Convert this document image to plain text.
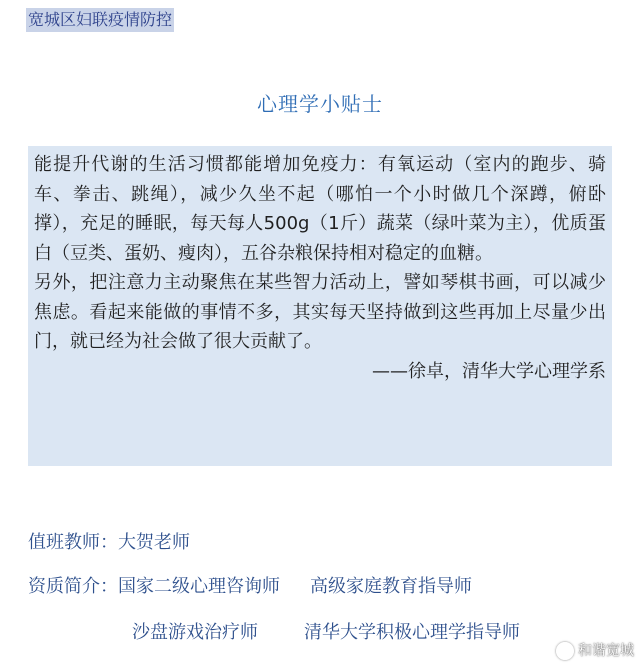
宽城区妇联疫情防控
心理学小贴士

能提升代谢的生活习惯都能增加免疫力：有氧运动（室内的跑步、骑车、拳击、跳绳），减少久坐不起（哪怕一个小时做几个深蹲，俯卧撑），充足的睡眠，每天每人500g（1斤）蔬菜（绿叶菜为主），优质蛋白（豆类、蛋奶、瘦肉），五谷杂粮保持相对稳定的血糖。

另外，把注意力主动聚焦在某些智力活动上，譬如琴棋书画，可以减少焦虑。看起来能做的事情不多，其实每天坚持做到这些再加上尽量少出门，就已经为社会做了很大贡献了。

——徐卓，清华大学心理学系
值班教师：大贺老师
资质简介：国家二级心理咨询师 高级家庭教育指导师
沙盘游戏治疗师	清华大学积极心理学指导师
和谐宽城
